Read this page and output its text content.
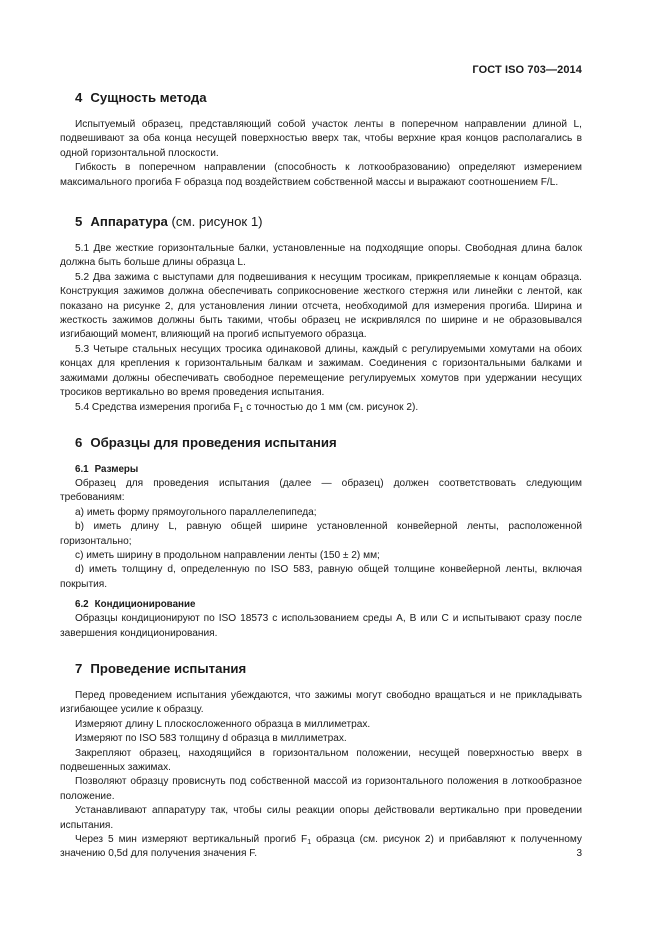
ГОСТ ISO 703—2014
4 Сущность метода

Испытуемый образец, представляющий собой участок ленты в поперечном направлении длиной L, подвешивают за оба конца несущей поверхностью вверх так, чтобы верхние края концов располагались в одной горизонтальной плоскости.

Гибкость в поперечном направлении (способность к лоткообразованию) определяют измерением максимального прогиба F образца под воздействием собственной массы и выражают соотношением F/L.

5 Аппаратура (см. рисунок 1)

5.1 Две жесткие горизонтальные балки, установленные на подходящие опоры. Свободная длина балок должна быть больше длины образца L.

5.2 Два зажима с выступами для подвешивания к несущим тросикам, прикрепляемые к концам образца. Конструкция зажимов должна обеспечивать соприкосновение жесткого стержня или линейки с лентой, как показано на рисунке 2, для установления линии отсчета, необходимой для измерения прогиба. Ширина и жесткость зажимов должны быть такими, чтобы образец не искривлялся по ширине и не образовывался изгибающий момент, влияющий на прогиб испытуемого образца.

5.3 Четыре стальных несущих тросика одинаковой длины, каждый с регулируемыми хомутами на обоих концах для крепления к горизонтальным балкам и зажимам. Соединения с горизонтальными балками и зажимами должны обеспечивать свободное перемещение регулируемых хомутов при удержании несущих тросиков вертикально во время проведения испытания.

5.4 Средства измерения прогиба $F_1$ с точностью до 1 мм (см. рисунок 2).

6 Образцы для проведения испытания
6.1 Размеры

Образец для проведения испытания (далее — образец) должен соответствовать следующим требованиям:

a) иметь форму прямоугольного параллелепипеда;

b) иметь длину L, равную общей ширине установленной конвейерной ленты, расположенной горизонтально;

c) иметь ширину в продольном направлении ленты (150 ± 2) мм;

d) иметь толщину d, определенную по ISO 583, равную общей толщине конвейерной ленты, включая покрытия.

6.2 Кондиционирование

Образцы кондиционируют по ISO 18573 с использованием среды А, В или С и испытывают сразу после завершения кондиционирования.

7 Проведение испытания

Перед проведением испытания убеждаются, что зажимы могут свободно вращаться и не прикладывать изгибающее усилие к образцу.

Измеряют длину L плоскосложенного образца в миллиметрах.

Измеряют по ISO 583 толщину d образца в миллиметрах.

Закрепляют образец, находящийся в горизонтальном положении, несущей поверхностью вверх в подвешенных зажимах.

Позволяют образцу провиснуть под собственной массой из горизонтального положения в лоткообразное положение.

Устанавливают аппаратуру так, чтобы силы реакции опоры действовали вертикально при проведении испытания.

Через 5 мин измеряют вертикальный прогиб $F_1$ образца (см. рисунок 2) и прибавляют к полученному значению 0,5d для получения значения F.	3
